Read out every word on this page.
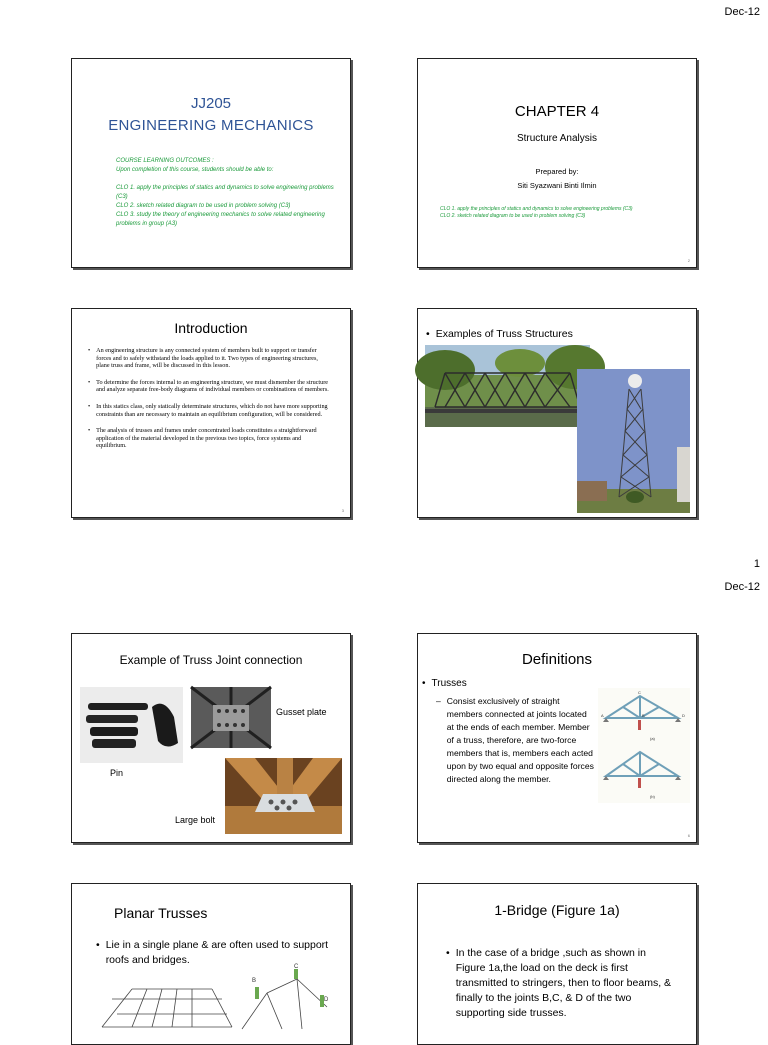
Dec-12
1
Dec-12
JJ205
ENGINEERING MECHANICS
COURSE LEARNING OUTCOMES :
Upon completion of this course, students should be able to:
CLO 1. apply the principles of statics and dynamics to solve engineering problems (C3)
CLO 2. sketch related diagram to be used in problem solving (C3)
CLO 3. study the theory of engineering mechanics to solve related engineering problems in group (A3)
CHAPTER 4
Structure Analysis
Prepared by:
Siti Syazwani Binti Ilmin
CLO 1. apply the principles of statics and dynamics to solve engineering problems (C3)
CLO 2. sketch related diagram to be used in problem solving (C3)
2
Introduction
• An engineering structure is any connected system of members built to support or transfer forces and to safely withstand the loads applied to it. Two types of engineering structures, plane truss and frame, will be discussed in this lesson.
• To determine the forces internal to an engineering structure, we must dismember the structure and analyze separate free-body diagrams of individual members or combinations of members.
• In this statics class, only statically determinate structures, which do not have more supporting constraints than are necessary to maintain an equilibrium configuration, will be considered.
• The analysis of trusses and frames under concentrated loads constitutes a straightforward application of the material developed in the previous two topics, force systems and equilibrium.
3
• Examples of Truss Structures
Example of Truss Joint connection
Gusset plate
Pin
Large bolt
Definitions
• Trusses
– Consist exclusively of straight members connected at joints located at the ends of each member. Member of a truss, therefore, are two-force members that is, members each acted upon by two equal and opposite forces directed along the member.
A
C
D
B
(a)
(b)
6
Planar Trusses
• Lie in a single plane & are often used to support roofs and bridges.
B
C
D
1-Bridge (Figure 1a)
• In the case of a bridge ,such as shown in Figure 1a,the load on the deck is first transmitted to stringers, then to floor beams, & finally to the joints B,C, & D of the two supporting side trusses.
